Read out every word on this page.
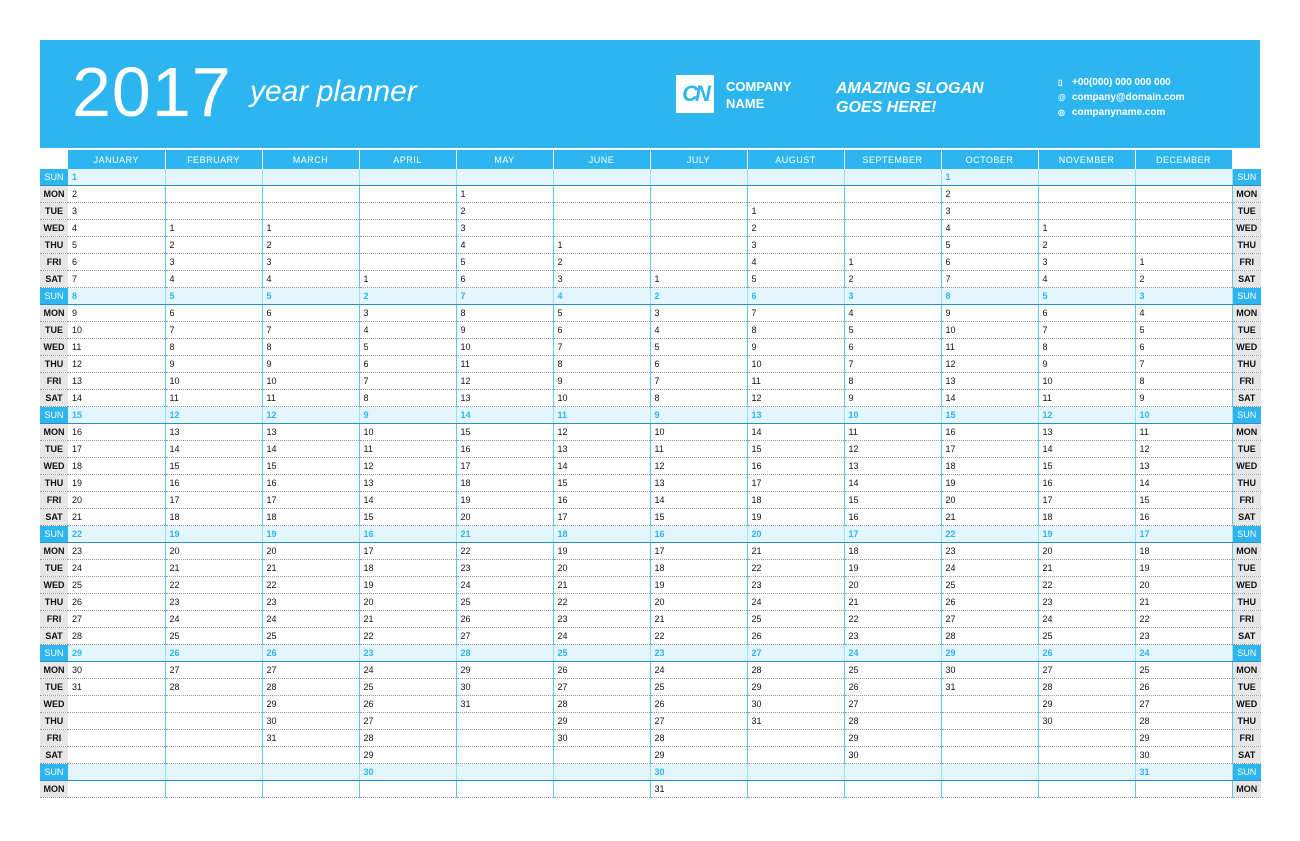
2017 year planner	CN	COMPANY
NAME
AMAZING SLOGAN
GOES HERE!
▯ +00(000) 000 000 000
@ company@domain.com
◎ companyname.com
	JANUARY	FEBRUARY	MARCH	APRIL	MAY	JUNE	JULY	AUGUST	SEPTEMBER	OCTOBER	NOVEMBER	DECEMBER	
SUN	1									1			SUN
MON	2				1					2			MON
TUE	3				2			1		3			TUE
WED	4	1	1		3			2		4	1		WED
THU	5	2	2		4	1		3		5	2		THU
FRI	6	3	3		5	2		4	1	6	3	1	FRI
SAT	7	4	4	1	6	3	1	5	2	7	4	2	SAT
SUN	8	5	5	2	7	4	2	6	3	8	5	3	SUN
MON	9	6	6	3	8	5	3	7	4	9	6	4	MON
TUE	10	7	7	4	9	6	4	8	5	10	7	5	TUE
WED	11	8	8	5	10	7	5	9	6	11	8	6	WED
THU	12	9	9	6	11	8	6	10	7	12	9	7	THU
FRI	13	10	10	7	12	9	7	11	8	13	10	8	FRI
SAT	14	11	11	8	13	10	8	12	9	14	11	9	SAT
SUN	15	12	12	9	14	11	9	13	10	15	12	10	SUN
MON	16	13	13	10	15	12	10	14	11	16	13	11	MON
TUE	17	14	14	11	16	13	11	15	12	17	14	12	TUE
WED	18	15	15	12	17	14	12	16	13	18	15	13	WED
THU	19	16	16	13	18	15	13	17	14	19	16	14	THU
FRI	20	17	17	14	19	16	14	18	15	20	17	15	FRI
SAT	21	18	18	15	20	17	15	19	16	21	18	16	SAT
SUN	22	19	19	16	21	18	16	20	17	22	19	17	SUN
MON	23	20	20	17	22	19	17	21	18	23	20	18	MON
TUE	24	21	21	18	23	20	18	22	19	24	21	19	TUE
WED	25	22	22	19	24	21	19	23	20	25	22	20	WED
THU	26	23	23	20	25	22	20	24	21	26	23	21	THU
FRI	27	24	24	21	26	23	21	25	22	27	24	22	FRI
SAT	28	25	25	22	27	24	22	26	23	28	25	23	SAT
SUN	29	26	26	23	28	25	23	27	24	29	26	24	SUN
MON	30	27	27	24	29	26	24	28	25	30	27	25	MON
TUE	31	28	28	25	30	27	25	29	26	31	28	26	TUE
WED			29	26	31	28	26	30	27		29	27	WED
THU			30	27		29	27	31	28		30	28	THU
FRI			31	28		30	28		29			29	FRI
SAT				29			29		30			30	SAT
SUN				30			30					31	SUN
MON							31						MON
